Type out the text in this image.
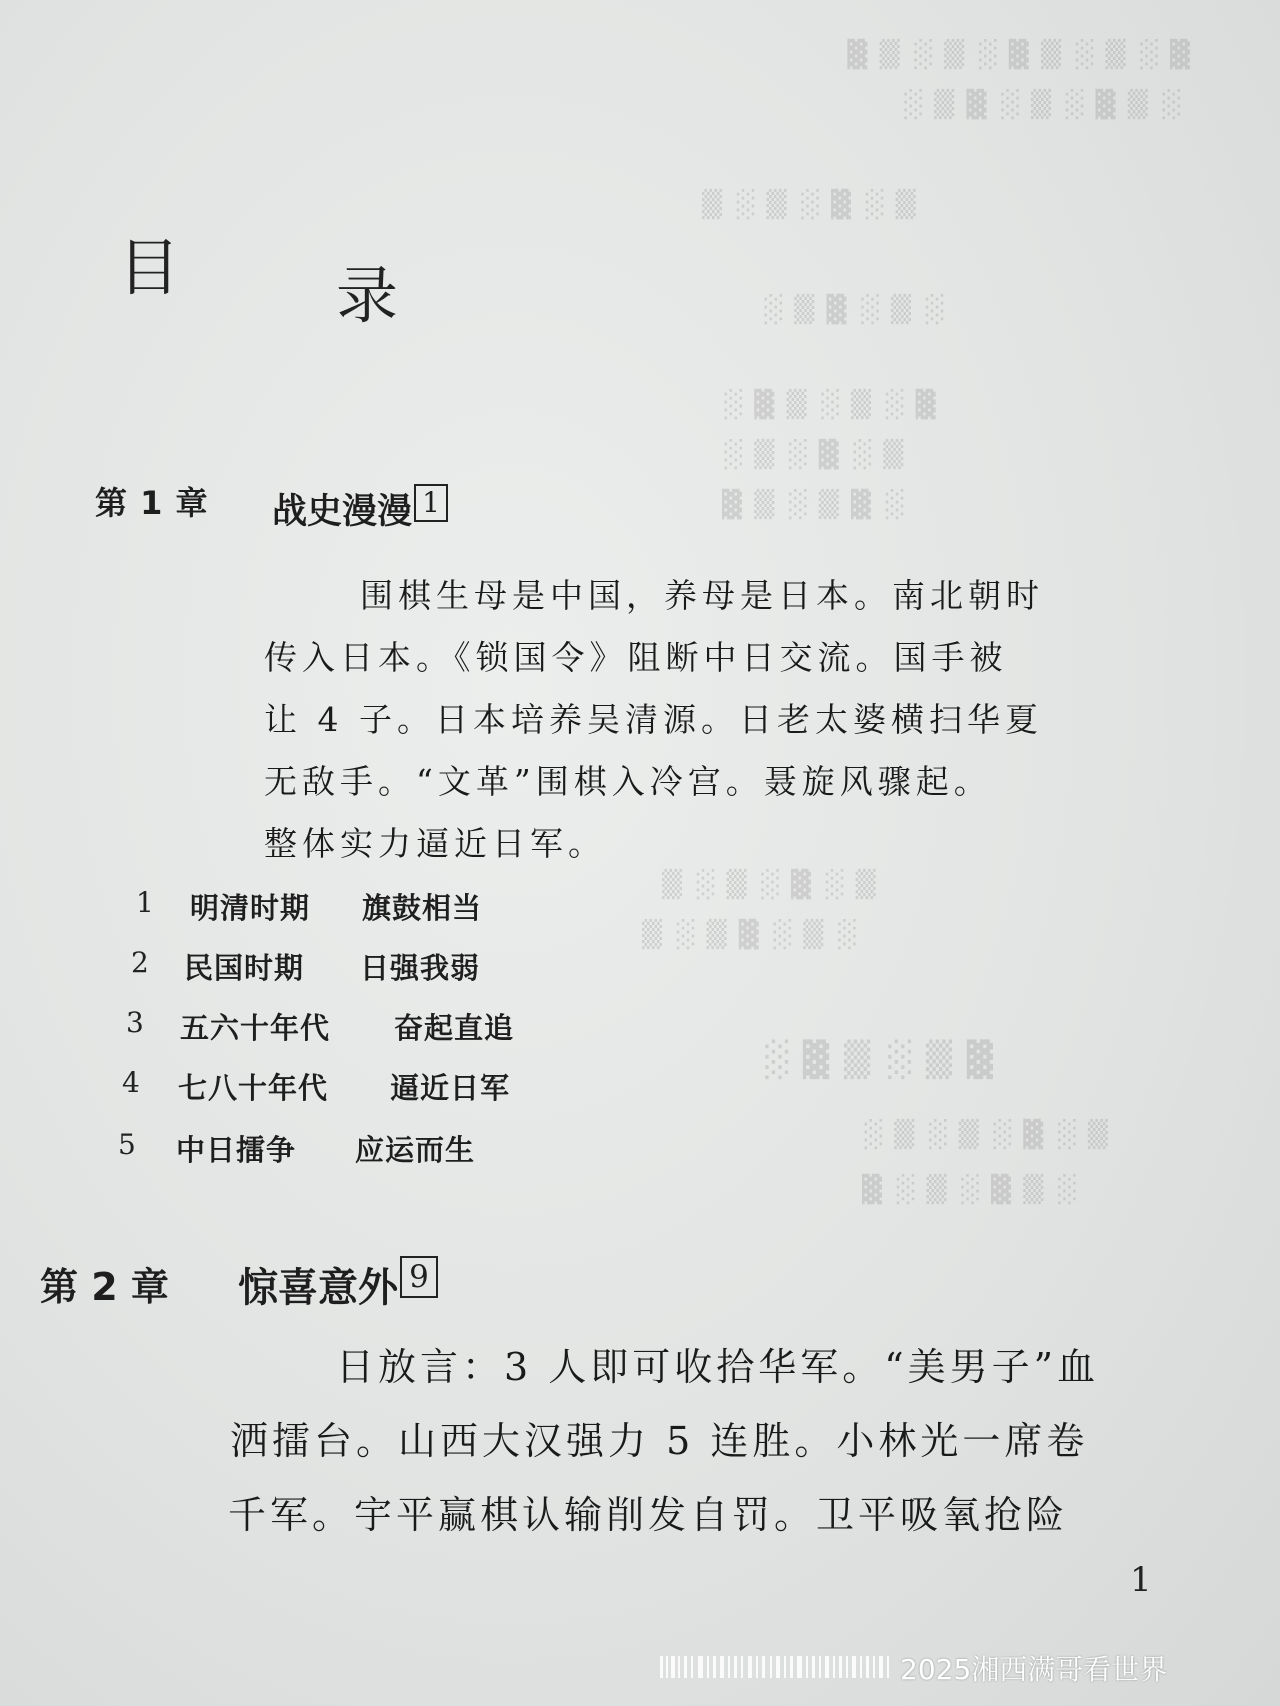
▓ ░ ▒ ░ ▒ ▓ ░ ▒ ░ ▒ ▓
░ ▒ ▓ ░ ▒ ░ ▓ ▒ ░
▒ ░ ▓ ░ ▒ ░ ▒
░ ▒ ░ ▓ ▒ ░
▓ ░ ▒ ░ ▒ ▓ ░
▒ ░ ▓ ░ ▒ ░
░ ▓ ▒ ░ ▒ ▓
▒ ░ ▓ ░ ▒ ░ ▒
░ ▒ ░ ▓ ▒ ░ ▒
▓ ▒ ░ ▒ ▓ ░
▒ ░ ▓ ░ ▒ ░ ▒ ░
░ ▒ ▓ ░ ▒ ░ ▓
目	录
第 1 章 战史漫漫 1
围棋生母是中国，养母是日本。南北朝时
传入日本。《锁国令》阻断中日交流。国手被
让 4 子。日本培养吴清源。日老太婆横扫华夏
无敌手。“文革”围棋入冷宫。聂旋风骤起。
整体实力逼近日军。
1 明清时期 旗鼓相当
2 民国时期 日强我弱
3 五六十年代 奋起直追
4 七八十年代 逼近日军
5 中日擂争 应运而生
第 2 章 惊喜意外 9
日放言：3 人即可收拾华军。“美男子”血
洒擂台。山西大汉强力 5 连胜。小林光一席卷
千军。宇平赢棋认输削发自罚。卫平吸氧抢险
1
2025湘西满哥看世界
